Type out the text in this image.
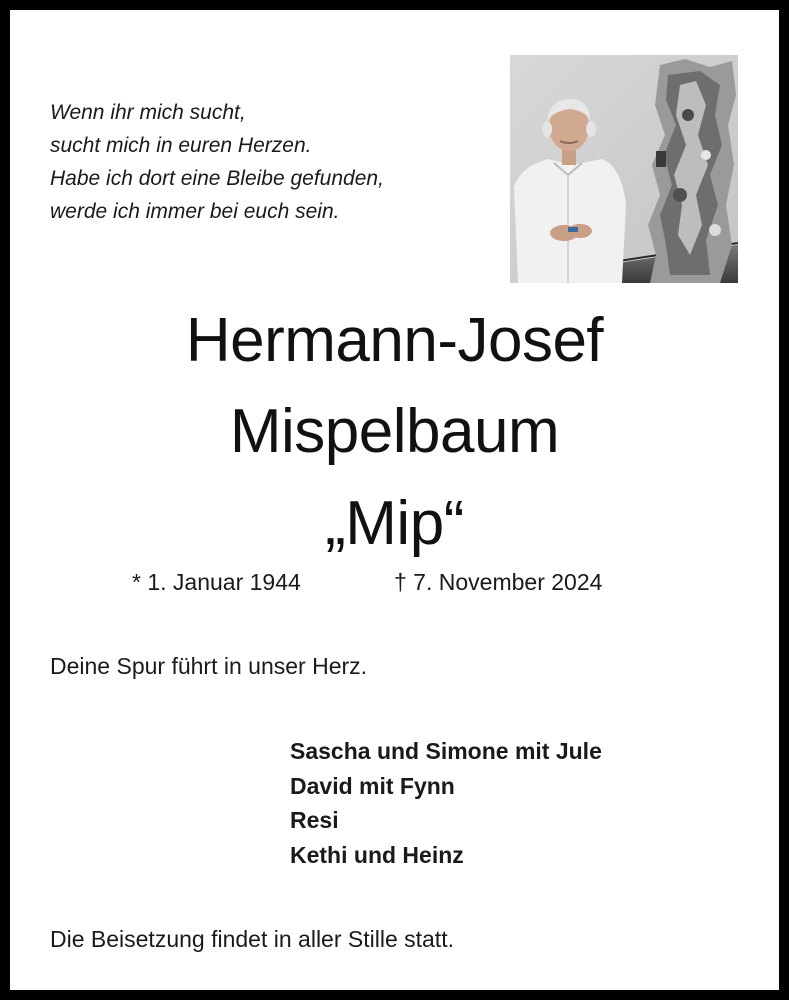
Wenn ihr mich sucht,
sucht mich in euren Herzen.
Habe ich dort eine Bleibe gefunden,
werde ich immer bei euch sein.
Hermann-Josef
Mispelbaum
„Mip“
* 1. Januar 1944	† 7. November 2024
Deine Spur führt in unser Herz.
Sascha und Simone mit Jule
David mit Fynn
Resi
Kethi und Heinz
Die Beisetzung findet in aller Stille statt.
